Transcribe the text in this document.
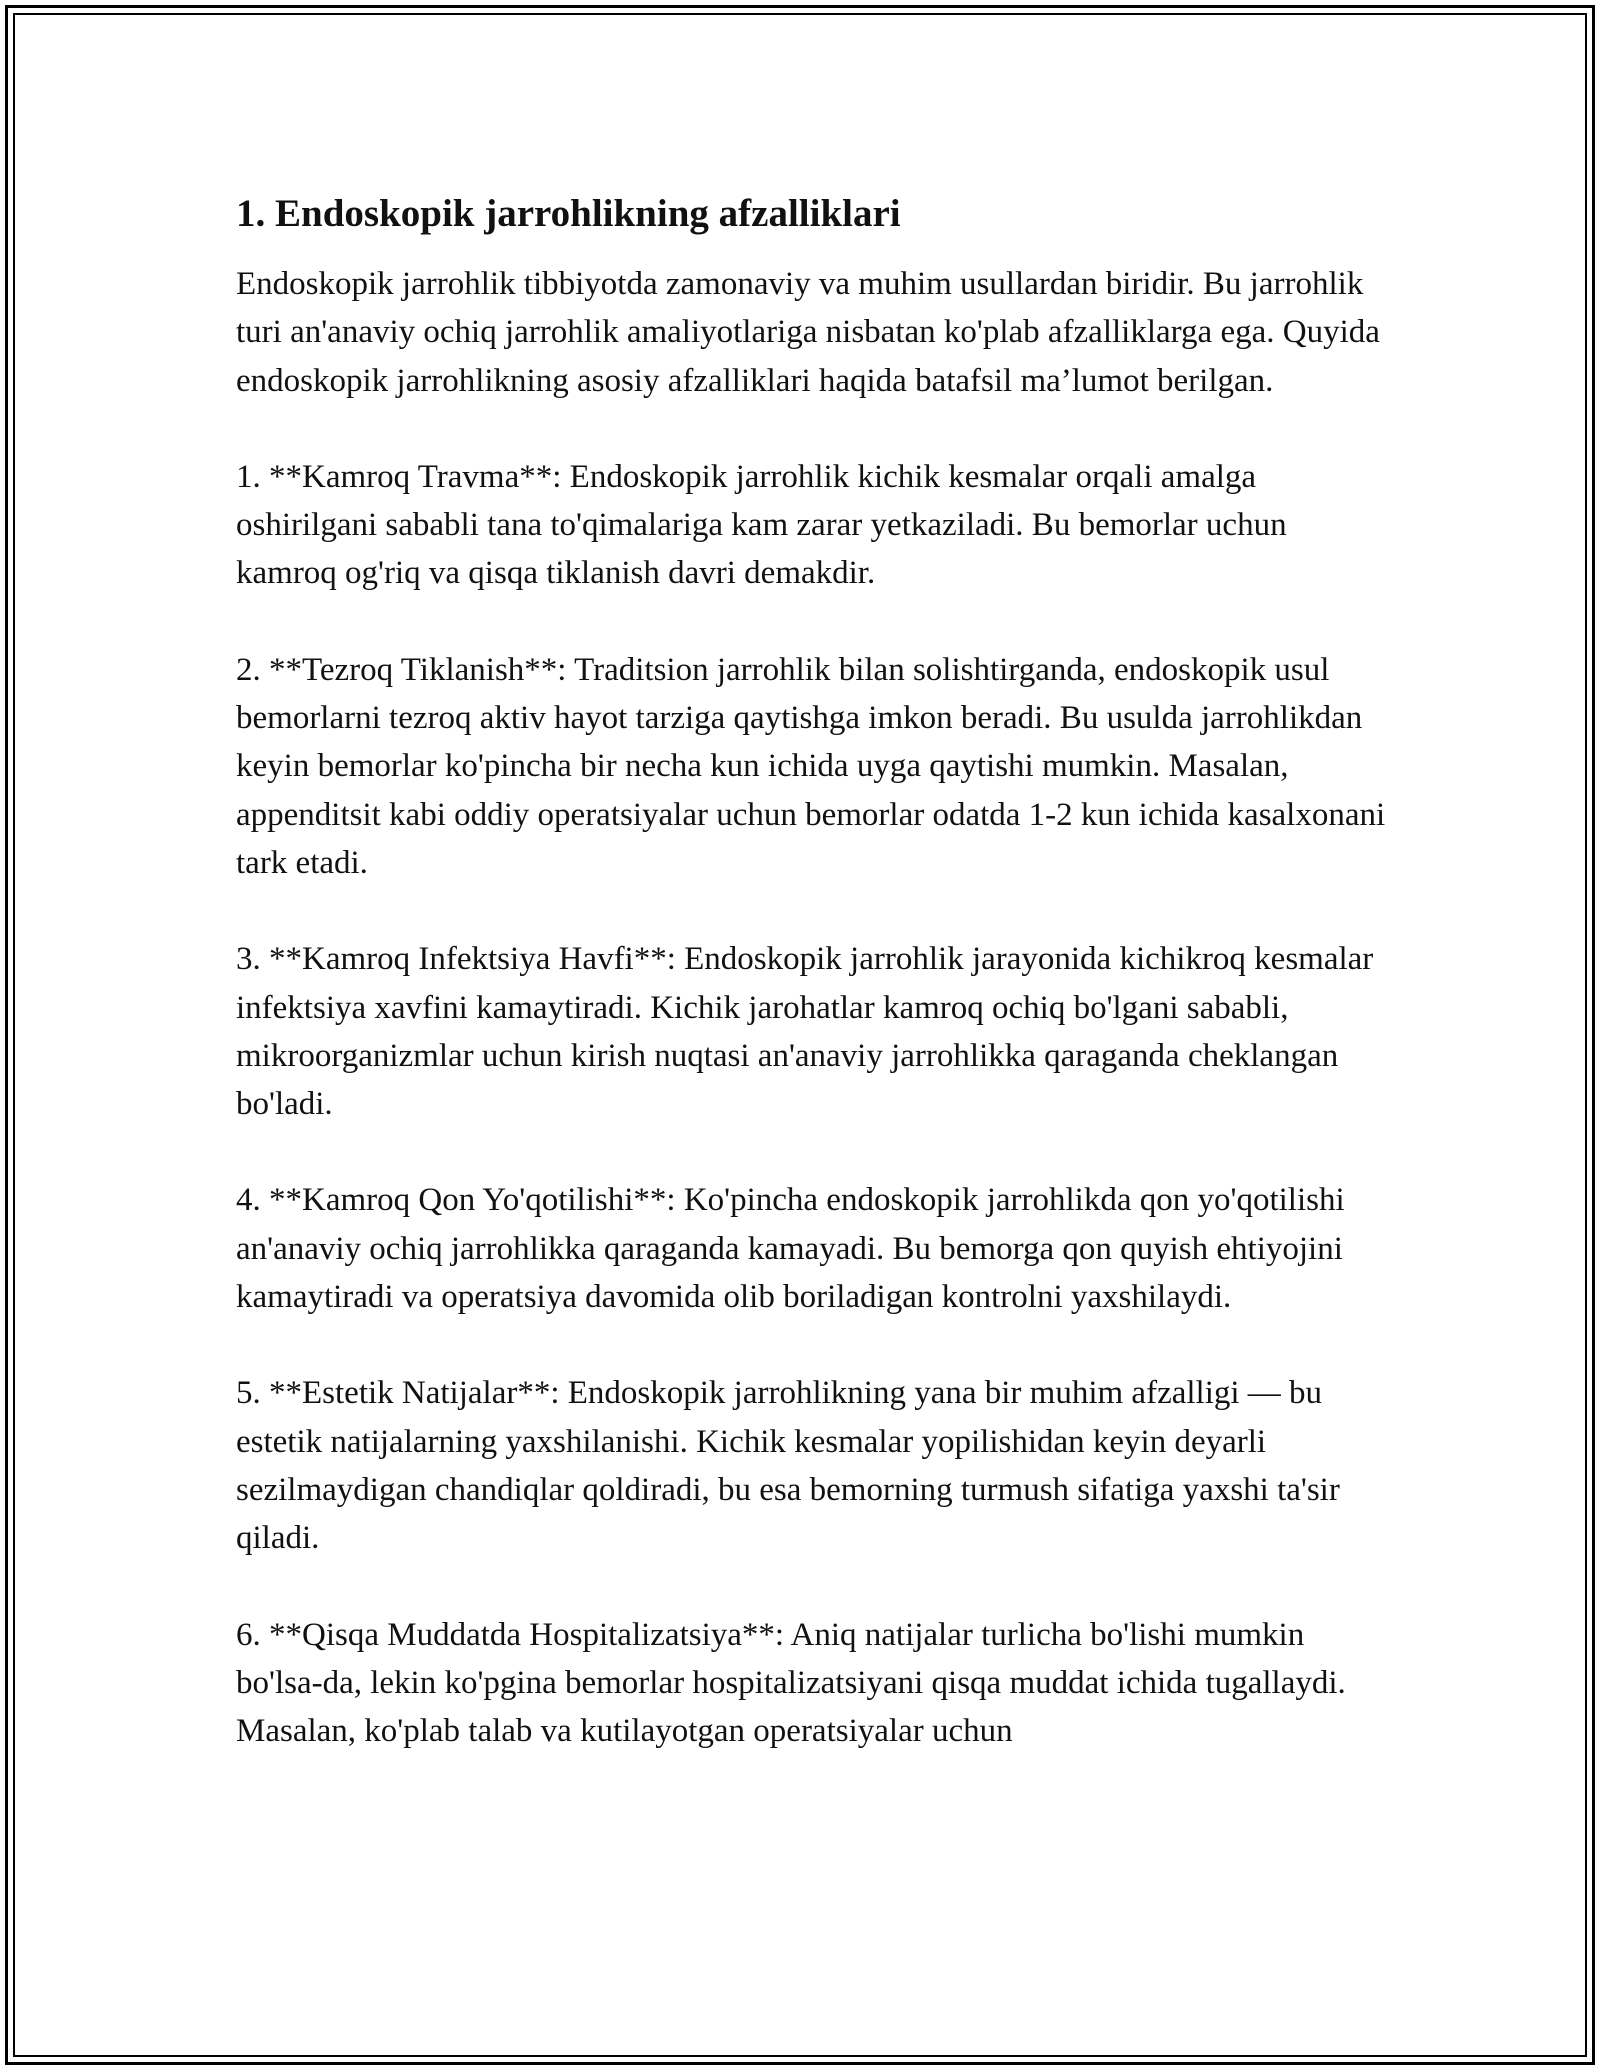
1. Endoskopik jarrohlikning afzalliklari

Endoskopik jarrohlik tibbiyotda zamonaviy va muhim usullardan biridir. Bu jarrohlik turi an'anaviy ochiq jarrohlik amaliyotlariga nisbatan ko'plab afzalliklarga ega. Quyida endoskopik jarrohlikning asosiy afzalliklari haqida batafsil ma’lumot berilgan.

1. **Kamroq Travma**: Endoskopik jarrohlik kichik kesmalar orqali amalga oshirilgani sababli tana to'qimalariga kam zarar yetkaziladi. Bu bemorlar uchun kamroq og'riq va qisqa tiklanish davri demakdir.

2. **Tezroq Tiklanish**: Traditsion jarrohlik bilan solishtirganda, endoskopik usul bemorlarni tezroq aktiv hayot tarziga qaytishga imkon beradi. Bu usulda jarrohlikdan keyin bemorlar ko'pincha bir necha kun ichida uyga qaytishi mumkin. Masalan, appenditsit kabi oddiy operatsiyalar uchun bemorlar odatda 1-2 kun ichida kasalxonani tark etadi.

3. **Kamroq Infektsiya Havfi**: Endoskopik jarrohlik jarayonida kichikroq kesmalar infektsiya xavfini kamaytiradi. Kichik jarohatlar kamroq ochiq bo'lgani sababli, mikroorganizmlar uchun kirish nuqtasi an'anaviy jarrohlikka qaraganda cheklangan bo'ladi.

4. **Kamroq Qon Yo'qotilishi**: Ko'pincha endoskopik jarrohlikda qon yo'qotilishi an'anaviy ochiq jarrohlikka qaraganda kamayadi. Bu bemorga qon quyish ehtiyojini kamaytiradi va operatsiya davomida olib boriladigan kontrolni yaxshilaydi.

5. **Estetik Natijalar**: Endoskopik jarrohlikning yana bir muhim afzalligi — bu estetik natijalarning yaxshilanishi. Kichik kesmalar yopilishidan keyin deyarli sezilmaydigan chandiqlar qoldiradi, bu esa bemorning turmush sifatiga yaxshi ta'sir qiladi.

6. **Qisqa Muddatda Hospitalizatsiya**: Aniq natijalar turlicha bo'lishi mumkin bo'lsa-da, lekin ko'pgina bemorlar hospitalizatsiyani qisqa muddat ichida tugallaydi. Masalan, ko'plab talab va kutilayotgan operatsiyalar uchun
